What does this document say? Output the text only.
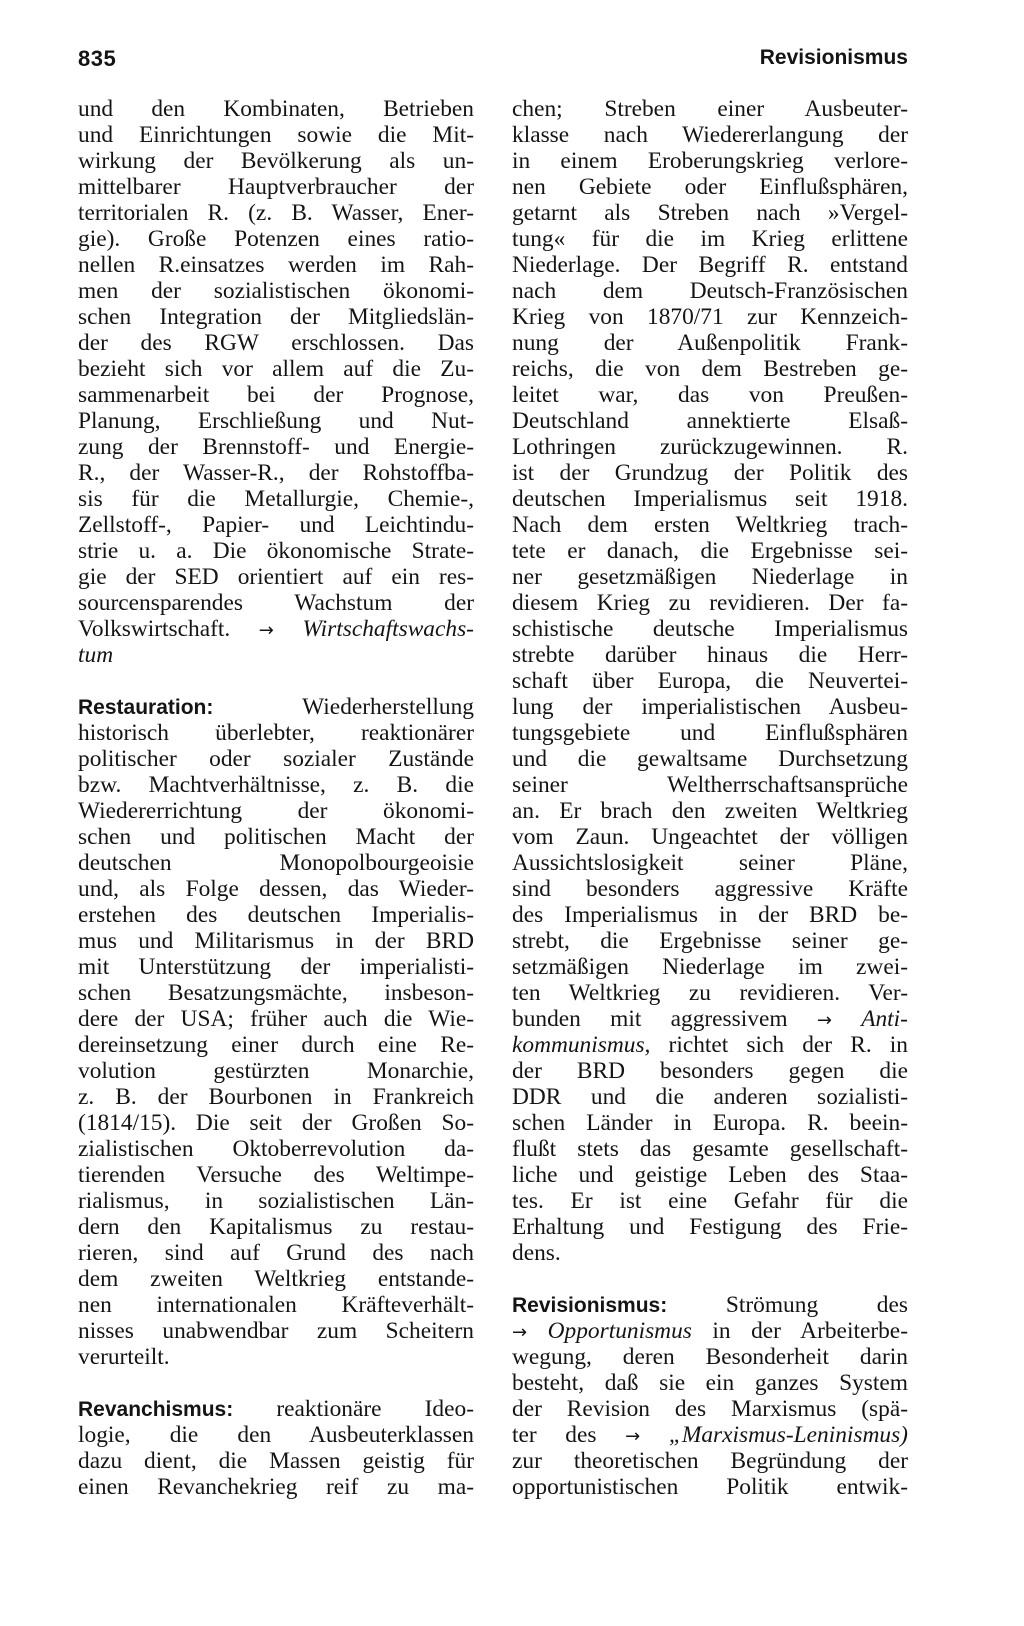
835	Revisionismus
und den Kombinaten, Betrieben
und Einrichtungen sowie die Mit-
wirkung der Bevölkerung als un-
mittelbarer Hauptverbraucher der
territorialen R. (z. B. Wasser, Ener-
gie). Große Potenzen eines ratio-
nellen R.einsatzes werden im Rah-
men der sozialistischen ökonomi-
schen Integration der Mitgliedslän-
der des RGW erschlossen. Das
bezieht sich vor allem auf die Zu-
sammenarbeit bei der Prognose,
Planung, Erschließung und Nut-
zung der Brennstoff- und Energie-
R., der Wasser-R., der Rohstoffba-
sis für die Metallurgie, Chemie-,
Zellstoff-, Papier- und Leichtindu-
strie u. a. Die ökonomische Strate-
gie der SED orientiert auf ein res-
sourcensparendes Wachstum der
Volkswirtschaft. → Wirtschaftswachs-
tum
Restauration:	Wiederherstellung
historisch überlebter, reaktionärer
politischer oder sozialer Zustände
bzw. Machtverhältnisse, z. B. die
Wiedererrichtung der ökonomi-
schen und politischen Macht der
deutschen Monopolbourgeoisie
und, als Folge dessen, das Wieder-
erstehen des deutschen Imperialis-
mus und Militarismus in der BRD
mit Unterstützung der imperialisti-
schen Besatzungsmächte, insbeson-
dere der USA; früher auch die Wie-
dereinsetzung einer durch eine Re-
volution gestürzten Monarchie,
z. B. der Bourbonen in Frankreich
(1814/15). Die seit der Großen So-
zialistischen Oktoberrevolution da-
tierenden Versuche des Weltimpe-
rialismus, in sozialistischen Län-
dern den Kapitalismus zu restau-
rieren, sind auf Grund des nach
dem zweiten Weltkrieg entstande-
nen internationalen Kräfteverhält-
nisses unabwendbar zum Scheitern
verurteilt.
Revanchismus: reaktionäre Ideo-
logie, die den Ausbeuterklassen
dazu dient, die Massen geistig für
einen Revanchekrieg reif zu ma-
chen; Streben einer Ausbeuter-
klasse nach Wiedererlangung der
in einem Eroberungskrieg verlore-
nen Gebiete oder Einflußsphären,
getarnt als Streben nach »Vergel-
tung« für die im Krieg erlittene
Niederlage. Der Begriff R. entstand
nach dem Deutsch-Französischen
Krieg von 1870/71 zur Kennzeich-
nung der Außenpolitik Frank-
reichs, die von dem Bestreben ge-
leitet war, das von Preußen-
Deutschland annektierte Elsaß-
Lothringen zurückzugewinnen. R.
ist der Grundzug der Politik des
deutschen Imperialismus seit 1918.
Nach dem ersten Weltkrieg trach-
tete er danach, die Ergebnisse sei-
ner gesetzmäßigen Niederlage in
diesem Krieg zu revidieren. Der fa-
schistische deutsche Imperialismus
strebte darüber hinaus die Herr-
schaft über Europa, die Neuvertei-
lung der imperialistischen Ausbeu-
tungsgebiete und Einflußsphären
und die gewaltsame Durchsetzung
seiner Weltherrschaftsansprüche
an. Er brach den zweiten Weltkrieg
vom Zaun. Ungeachtet der völligen
Aussichtslosigkeit seiner Pläne,
sind besonders aggressive Kräfte
des Imperialismus in der BRD be-
strebt, die Ergebnisse seiner ge-
setzmäßigen Niederlage im zwei-
ten Weltkrieg zu revidieren. Ver-
bunden mit aggressivem → Anti-
kommunismus, richtet sich der R. in
der BRD besonders gegen die
DDR und die anderen sozialisti-
schen Länder in Europa. R. beein-
flußt stets das gesamte gesellschaft-
liche und geistige Leben des Staa-
tes. Er ist eine Gefahr für die
Erhaltung und Festigung des Frie-
dens.
Revisionismus:	Strömung des
→ Opportunismus in der Arbeiterbe-
wegung, deren Besonderheit darin
besteht, daß sie ein ganzes System
der Revision des Marxismus (spä-
ter des → „Marxismus-Leninismus)
zur theoretischen Begründung der
opportunistischen Politik entwik-
